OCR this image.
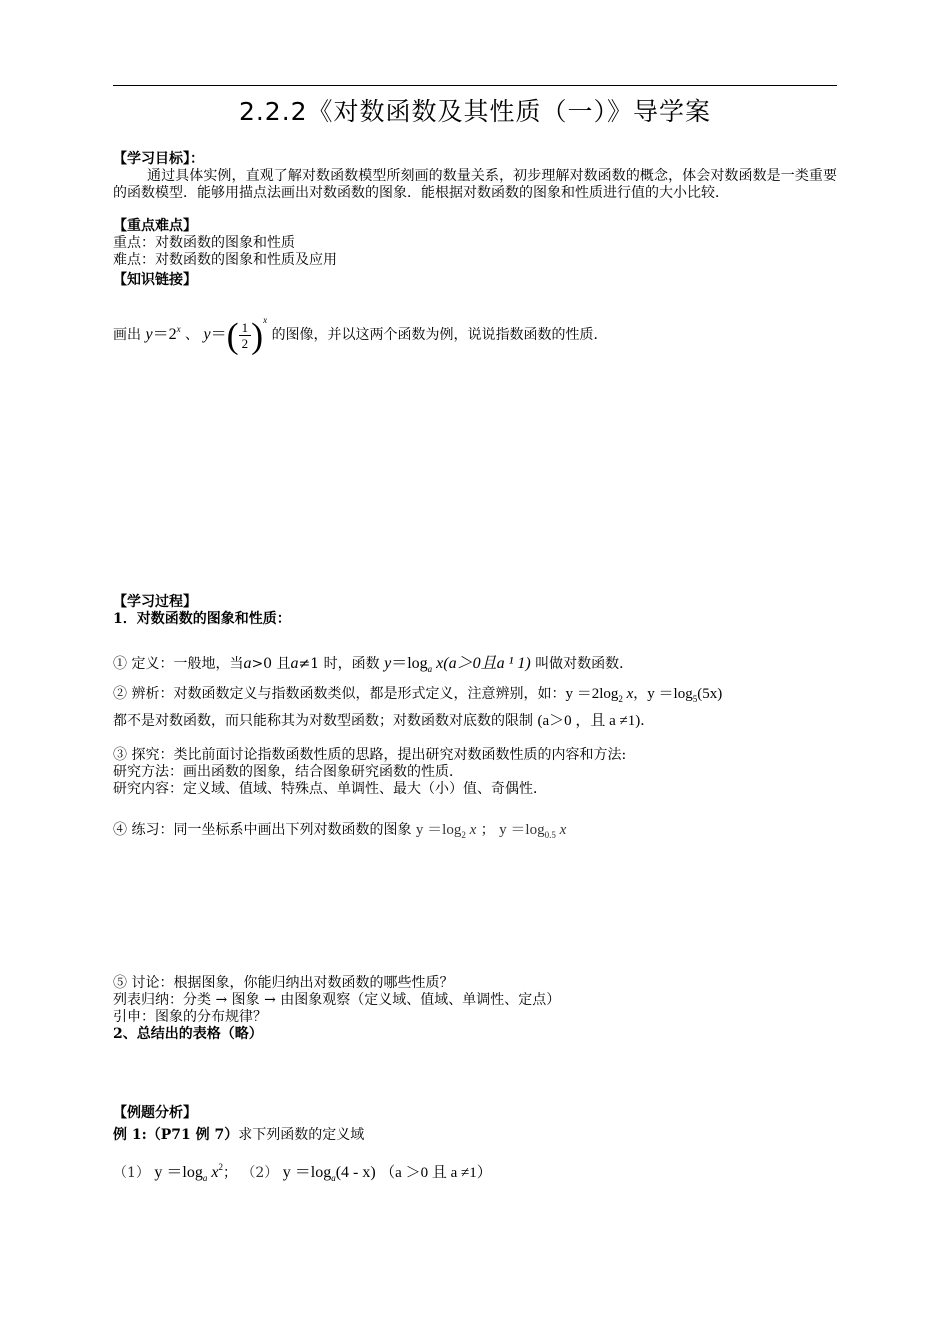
2.2.2《对数函数及其性质（一）》导学案
【学习目标】：
通过具体实例，直观了解对数函数模型所刻画的数量关系，初步理解对数函数的概念，体会对数函数是一类重要的函数模型．能够用描点法画出对数函数的图象．能根据对数函数的图象和性质进行值的大小比较．
【重点难点】
重点：对数函数的图象和性质
难点：对数函数的图象和性质及应用
【知识链接】
画出 $y=2^x$ 、 $y=( \frac{1}{2} )^x$ 的图像，并以这两个函数为例，说说指数函数的性质．
【学习过程】
1．对数函数的图象和性质：
① 定义：一般地，当a>0 且a≠1 时，函数 $y=\log_a$ x(a＞0且a ¹ 1) 叫做对数函数．
② 辨析：对数函数定义与指数函数类似，都是形式定义，注意辨别，如：$y =2\log_2$ x，$y =\log_5(5x)$
都不是对数函数，而只能称其为对数型函数；对数函数对底数的限制 (a＞0 ，且 a ≠1)．
③ 探究：类比前面讨论指数函数性质的思路，提出研究对数函数性质的内容和方法:
研究方法：画出函数的图象，结合图象研究函数的性质．
研究内容：定义域、值域、特殊点、单调性、最大（小）值、奇偶性．
④ 练习：同一坐标系中画出下列对数函数的图象 $y =\log_2$ x ； $y =\log_{0.5}$ x
⑤ 讨论：根据图象，你能归纳出对数函数的哪些性质？
列表归纳：分类 → 图象 → 由图象观察（定义域、值域、单调性、定点）
引申：图象的分布规律？
2、总结出的表格（略）
【例题分析】
例 1:（P71 例 7）求下列函数的定义域
（1） $y =\log_a$ $x^2$； （2） $y =\log_a(4 - x)$ （a ＞0 且 a ≠1）
